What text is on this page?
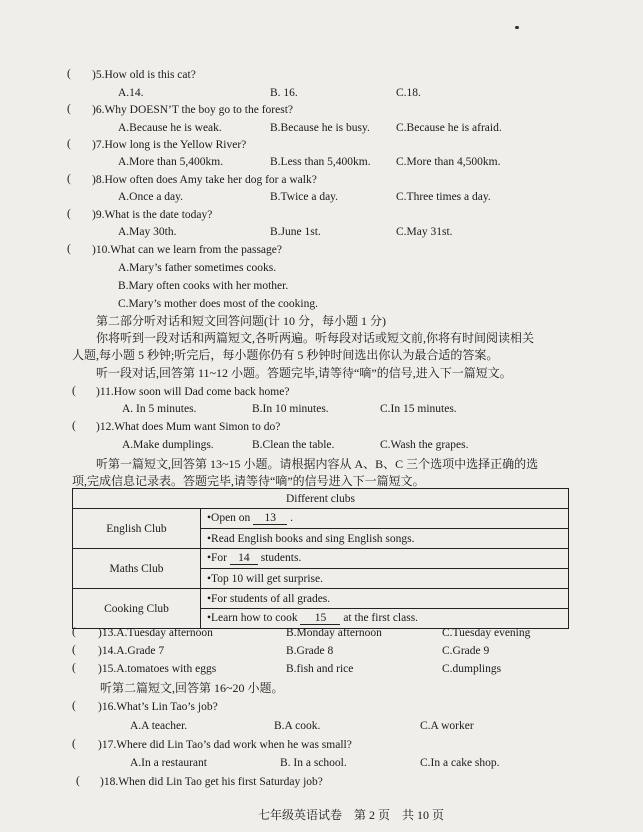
( )5.How old is this cat?
A.14.	B. 16.	C.18.
( )6.Why DOESN’T the boy go to the forest?
A.Because he is weak.	B.Because he is busy. C.Because he is afraid.
( )7.How long is the Yellow River?
A.More than 5,400km.	B.Less than 5,400km. C.More than 4,500km.
( )8.How often does Amy take her dog for a walk?
A.Once a day.	B.Twice a day.	C.Three times a day.
( )9.What is the date today?
A.May 30th.	B.June 1st.	C.May 31st.
( )10.What can we learn from the passage?
A.Mary’s father sometimes cooks.
B.Mary often cooks with her mother.
C.Mary’s mother does most of the cooking.
第二部分听对话和短文回答问题(计 10 分，每小题 1 分)
你将听到一段对话和两篇短文,各听两遍。听每段对话或短文前,你将有时间阅读相关
人题,每小题 5 秒钟;听完后，每小题你仍有 5 秒钟时间选出你认为最合适的答案。
听一段对话,回答第 11~12 小题。答题完毕,请等待“嘀”的信号,进入下一篇短文。
( )11.How soon will Dad come back home?
A. In 5 minutes.	B.In 10 minutes.	C.In 15 minutes.
( )12.What does Mum want Simon to do?
A.Make dumplings.	B.Clean the table.	C.Wash the grapes.
听第一篇短文,回答第 13~15 小题。请根据内容从 A、B、C 三个选项中选择正确的选
项,完成信息记录表。答题完毕,请等待“嘀”的信号进入下一篇短文。
Different clubs	
English Club	•Open on 13 .
	•Read English books and sing English songs.
Maths Club	•For 14 students.
	•Top 10 will get surprise.
Cooking Club	•For students of all grades.
	•Learn how to cook 15 at the first class.
( )13.A.Tuesday afternoon	B.Monday afternoon	C.Tuesday evening
( )14.A.Grade 7	B.Grade 8	C.Grade 9
( )15.A.tomatoes with eggs	B.fish and rice	C.dumplings
听第二篇短文,回答第 16~20 小题。
( )16.What’s Lin Tao’s job?
A.A teacher.	B.A cook.	C.A worker
( )17.Where did Lin Tao’s dad work when he was small?
A.In a restaurant	B. In a school.	C.In a cake shop.
( )18.When did Lin Tao get his first Saturday job?
七年级英语试卷　第 2 页　共 10 页
